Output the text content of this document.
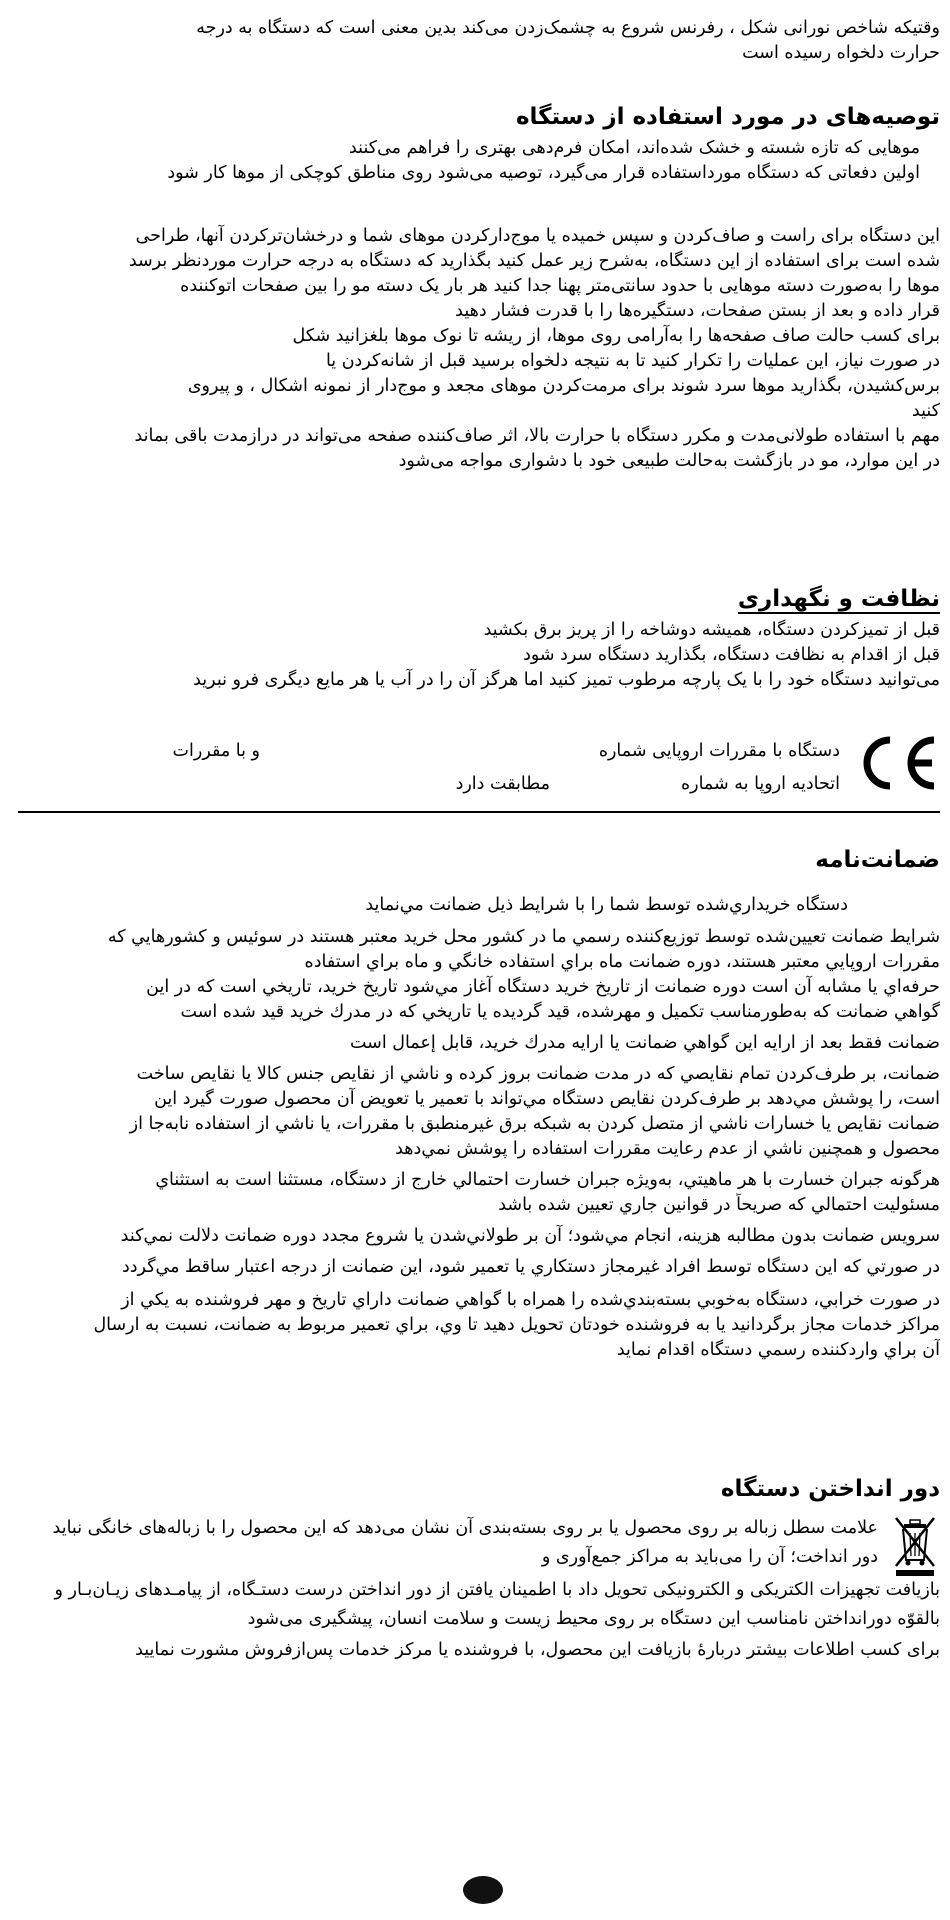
وقتیکه شاخص نورانی شکل ، رفرنس شروع به چشمک‌زدن می‌کند بدین معنی است که دستگاه به درجه
حرارت دلخواه رسیده است
توصیه‌های در مورد استفاده از دستگاه
موهایی که تازه شسته و خشک شده‌اند، امکان فرم‌دهی بهتری را فراهم می‌کنند
اولین دفعاتی که دستگاه مورداستفاده قرار می‌گیرد، توصیه می‌شود روی مناطق کوچکی از موها کار شود
این دستگاه برای راست و صاف‌کردن و سپس خمیده یا موج‌دارکردن موهای شما و درخشان‌ترکردن آنها، طراحی
شده است برای استفاده از این دستگاه، به‌شرح زیر عمل کنید بگذارید که دستگاه به درجه حرارت موردنظر برسد
موها را به‌صورت دسته موهایی با حدود سانتی‌متر پهنا جدا کنید هر بار یک دسته مو را بین صفحات اتوکننده
قرار داده و بعد از بستن صفحات، دستگیره‌ها را با قدرت فشار دهید
برای کسب حالت صاف صفحه‌ها را به‌آرامی روی موها، از ریشه تا نوک موها بلغزانید شکل
در صورت نیاز، این عملیات را تکرار کنید تا به نتیجه دلخواه برسید قبل از شانه‌کردن یا
برس‌کشیدن، بگذارید موها سرد شوند برای مرمت‌کردن موهای مجعد و موج‌دار از نمونه اشکال ، و پیروی
کنید
مهم با استفاده طولانی‌مدت و مکرر دستگاه با حرارت بالا، اثر صاف‌کننده صفحه می‌تواند در درازمدت باقی بماند
در این موارد، مو در بازگشت به‌حالت طبیعی خود با دشواری مواجه می‌شود
نظافت و نگهداری
قبل از تمیزکردن دستگاه، همیشه دوشاخه را از پریز برق بکشید
قبل از اقدام به نظافت دستگاه، بگذارید دستگاه سرد شود
می‌توانید دستگاه خود را با یک پارچه مرطوب تمیز کنید اما هرگز آن را در آب یا هر مایع دیگری فرو نبرید
دستگاه با مقررات اروپایی شماره
اتحادیه اروپا به شماره
و با مقررات
مطابقت دارد
ضمانت‌نامه
دستگاه خريداري‌شده توسط شما را با شرايط ذيل ضمانت مي‌نمايد
شرايط ضمانت تعيين‌شده توسط توزيع‌كننده رسمي ما در كشور محل خريد معتبر هستند در سوئيس و كشورهايي كه
مقررات اروپايي معتبر هستند، دوره ضمانت ماه براي استفاده خانگي و ماه براي استفاده
حرفه‌اي يا مشابه آن است دوره ضمانت از تاريخ خريد دستگاه آغاز مي‌شود تاريخ خريد، تاريخي است كه در اين
گواهي ضمانت كه به‌طورمناسب تكميل و مهرشده، قيد گرديده يا تاريخي كه در مدرك خريد قيد شده است
ضمانت فقط بعد از ارايه اين گواهي ضمانت يا ارايه مدرك خريد، قابل إعمال است
ضمانت، بر طرف‌كردن تمام نقايصي كه در مدت ضمانت بروز كرده و ناشي از نقايص جنس كالا يا نقايص ساخت
است، را پوشش مي‌دهد بر طرف‌كردن نقايص دستگاه مي‌تواند با تعمير يا تعويض آن محصول صورت گيرد اين
ضمانت نقايص يا خسارات ناشي از متصل كردن به شبكه برق غيرمنطبق با مقررات، يا ناشي از استفاده نابه‌جا از
محصول و همچنين ناشي از عدم رعايت مقررات استفاده را پوشش نمي‌دهد
هرگونه جبران خسارت با هر ماهيتي، به‌ويژه جبران خسارت احتمالي خارج از دستگاه، مستثنا است به استثناي
مسئوليت احتمالي كه صريحاً در قوانين جاري تعيين شده باشد
سرويس ضمانت بدون مطالبه هزينه، انجام مي‌شود؛ آن بر طولاني‌شدن يا شروع مجدد دوره ضمانت دلالت نمي‌كند
در صورتي كه اين دستگاه توسط افراد غيرمجاز دستكاري يا تعمير شود، اين ضمانت از درجه اعتبار ساقط مي‌گردد
در صورت خرابي، دستگاه به‌خوبي بسته‌بندي‌شده را همراه با گواهي ضمانت داراي تاريخ و مهر فروشنده به يكي از
مراكز خدمات مجاز برگردانيد يا به فروشنده خودتان تحويل دهيد تا وي، براي تعمير مربوط به ضمانت، نسبت به ارسال
آن براي واردكننده رسمي دستگاه اقدام نمايد
دور انداختن دستگاه
علامت سطل زباله بر روی محصول یا بر روی بسته‌بندی آن نشان می‌دهد که این محصول را با زباله‌های خانگی نباید
دور انداخت؛ آن را می‌باید به مراکز جمع‌آوری و
بازیافت تجهیزات الکتریکی و الکترونیکی تحویل داد با اطمینان یافتن از دور انداختن درست دستـگاه، از پیامـدهای زیـان‌بـار و
بالقوّه دورانداختن نامناسب این دستگاه بر روی محیط زیست و سلامت انسان، پیشگیری می‌شود
برای کسب اطلاعات بیشتر دربارهٔ بازیافت این محصول، با فروشنده یا مرکز خدمات پس‌ازفروش مشورت نمایید
